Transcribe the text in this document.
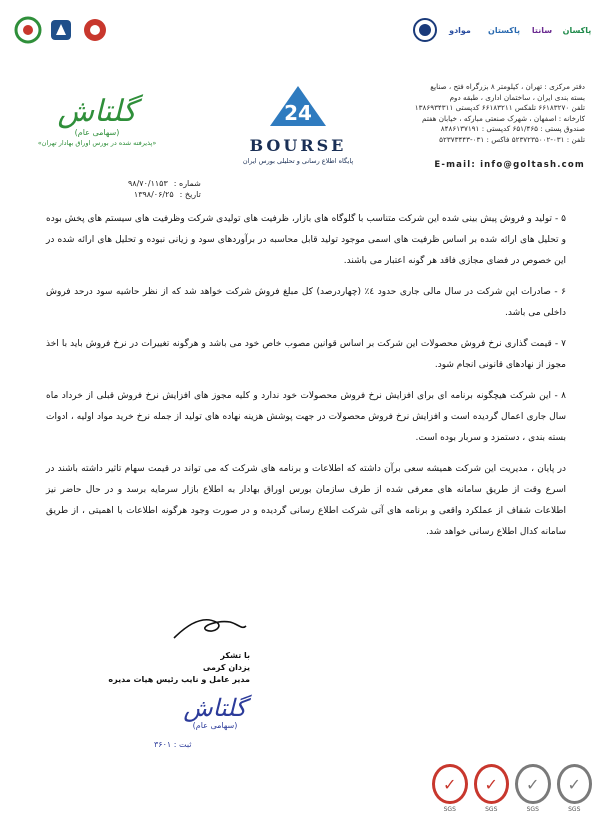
موادو پاکستان سانتا پاکسان
دفتر مرکزی : تهران ، کیلومتر ۸ بزرگراه فتح ، صنایع
بسته بندی ایران ، ساختمان اداری ، طبقه دوم
تلفن ۶۶۱۸۳۲۷۰ تلفکس ۶۶۱۸۳۲۱۱ کدپستی ۱۳۸۶۹۳۴۳۱۱
کارخانه : اصفهان ، شهرک صنعتی مبارکه ، خیابان هفتم
صندوق پستی : ۶۵۱/۴۶۵ کدپستی : ۸۴۸۶۱۳۷۱۹۱
تلفن : ۰۳۱-۵۲۳۷۲۳۵۰۰۲ فاکس : ۰۳۱-۵۲۳۷۳۴۴۳
E-mail: info@goltash.com
24
BOURSE
پایگاه اطلاع رسانی و تحلیلی بورس ایران
گلتاش
(سهامی عام)
«پذیرفته شده در بورس اوراق بهادار تهران»
شماره :
۹۸/۷۰/۱۱۵۳
تاریخ :
۱۳۹۸/۰۶/۲۵

۵ - تولید و فروش پیش بینی شده این شرکت متناسب با گلوگاه های بازار، ظرفیت های تولیدی شرکت وظرفیت های سیستم های پخش بوده و تحلیل های ارائه شده بر اساس ظرفیت های اسمی موجود تولید قابل محاسبه در برآوردهای سود و زیانی نبوده و تحلیل های ارائه شده در این خصوص در فضای مجازی فاقد هر گونه اعتبار می باشند.

۶ - صادرات این شرکت در سال مالی جاری حدود ٤٪ (چهاردرصد) کل مبلغ فروش شرکت خواهد شد که از نظر حاشیه سود درحد فروش داخلی می باشد.

۷ - قیمت گذاری نرخ فروش محصولات این شرکت بر اساس قوانین مصوب خاص خود می باشد و هرگونه تغییرات در نرخ فروش باید با اخذ مجوز از نهادهای قانونی انجام شود.

۸ - این شرکت هیچگونه برنامه ای برای افزایش نرخ فروش محصولات خود ندارد و کلیه مجوز های افزایش نرخ فروش قبلی از خرداد ماه سال جاری اعمال گردیده است و افزایش نرخ فروش محصولات در جهت پوشش هزینه نهاده های تولید از جمله نرخ خرید مواد اولیه ، ادوات بسته بندی ، دستمزد و سربار بوده است.

در پایان ، مدیریت این شرکت همیشه سعی برآن داشته که اطلاعات و برنامه های شرکت که می تواند در قیمت سهام تاثیر داشته باشند در اسرع وقت از طریق سامانه های معرفی شده از طرف سازمان بورس اوراق بهادار به اطلاع بازار سرمایه برسد و در حال حاضر نیز اطلاعات شفاف از عملکرد واقعی و برنامه های آتی شرکت اطلاع رسانی گردیده و در صورت وجود هرگونه اطلاعات با اهمیتی ، از طریق سامانه کدال اطلاع رسانی خواهد شد.

با تشکر
یزدان کرمی
مدیر عامل و نایب رئیس هیات مدیره
گلتاش
(سهامی عام)
ثبت : ۳۶۰۱
✓
SGS
✓
SGS
✓
SGS
✓
SGS
